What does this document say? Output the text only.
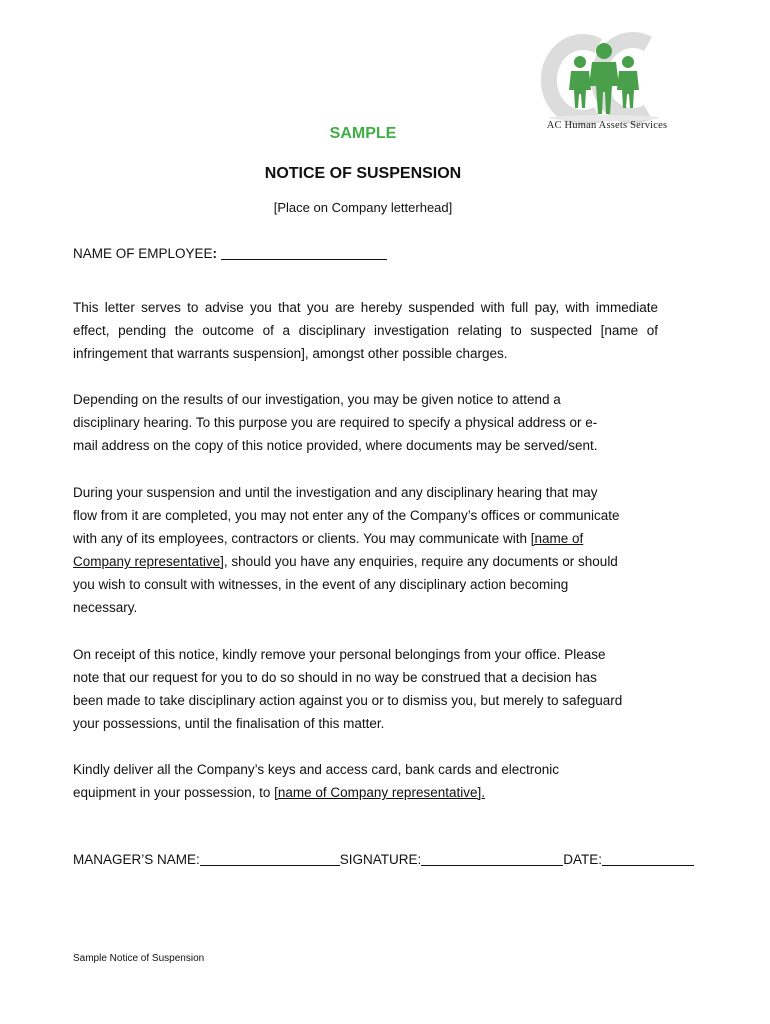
AC Human Assets Services
SAMPLE
NOTICE OF SUSPENSION
[Place on Company letterhead]
NAME OF EMPLOYEE:

This letter serves to advise you that you are hereby suspended with full pay, with immediate effect, pending the outcome of a disciplinary investigation relating to suspected [name of infringement that warrants suspension], amongst other possible charges.

Depending on the results of our investigation, you may be given notice to attend a
disciplinary hearing. To this purpose you are required to specify a physical address or e-
mail address on the copy of this notice provided, where documents may be served/sent.

During your suspension and until the investigation and any disciplinary hearing that may
flow from it are completed, you may not enter any of the Company’s offices or communicate
with any of its employees, contractors or clients. You may communicate with [name of
Company representative], should you have any enquiries, require any documents or should
you wish to consult with witnesses, in the event of any disciplinary action becoming
necessary.

On receipt of this notice, kindly remove your personal belongings from your office. Please
note that our request for you to do so should in no way be construed that a decision has
been made to take disciplinary action against you or to dismiss you, but merely to safeguard
your possessions, until the finalisation of this matter.

Kindly deliver all the Company’s keys and access card, bank cards and electronic
equipment in your possession, to [name of Company representative].

MANAGER’S NAME:	SIGNATURE:	DATE:
Sample Notice of Suspension
